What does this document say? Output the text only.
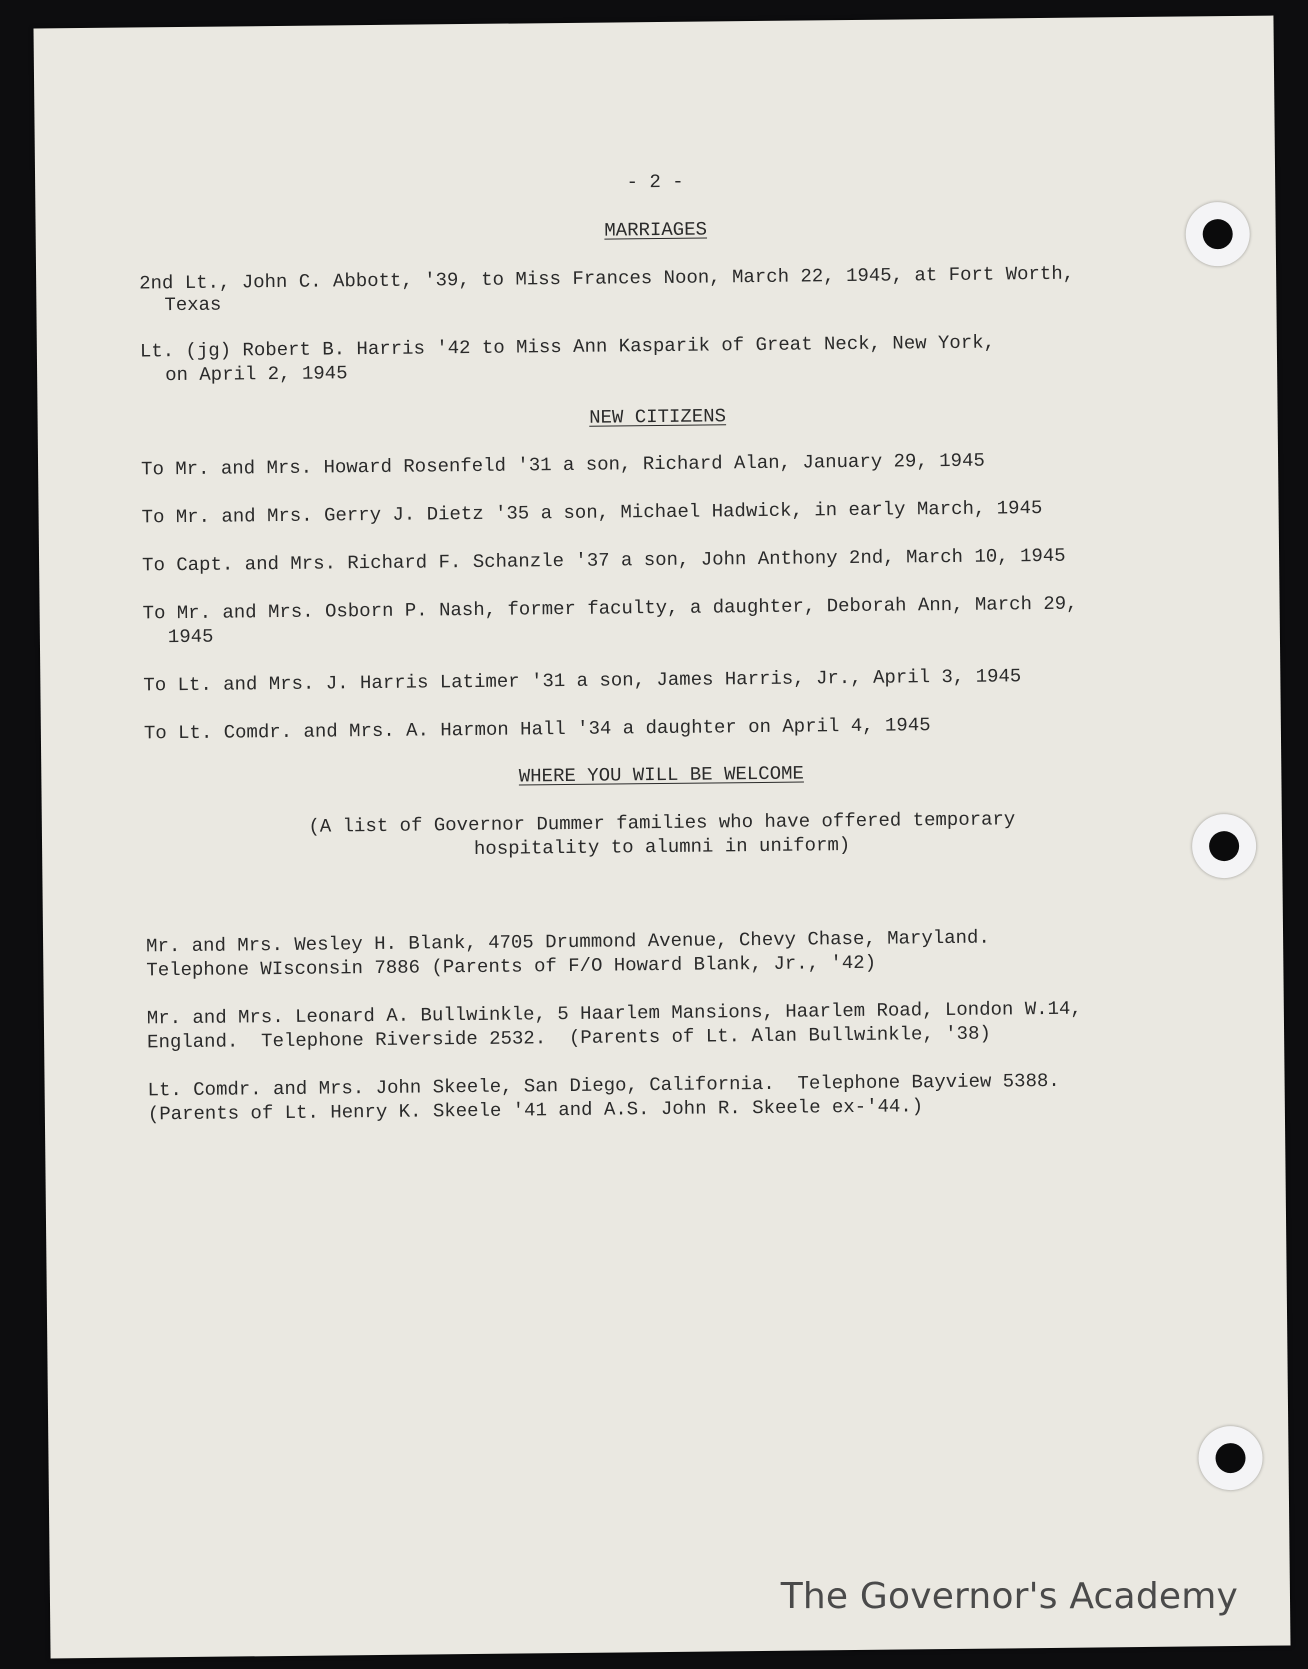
- 2 -
MARRIAGES
2nd Lt., John C. Abbott, '39, to Miss Frances Noon, March 22, 1945, at Fort Worth,
Texas
Lt. (jg) Robert B. Harris '42 to Miss Ann Kasparik of Great Neck, New York,
on April 2, 1945
NEW CITIZENS
To Mr. and Mrs. Howard Rosenfeld '31 a son, Richard Alan, January 29, 1945
To Mr. and Mrs. Gerry J. Dietz '35 a son, Michael Hadwick, in early March, 1945
To Capt. and Mrs. Richard F. Schanzle '37 a son, John Anthony 2nd, March 10, 1945
To Mr. and Mrs. Osborn P. Nash, former faculty, a daughter, Deborah Ann, March 29,
1945
To Lt. and Mrs. J. Harris Latimer '31 a son, James Harris, Jr., April 3, 1945
To Lt. Comdr. and Mrs. A. Harmon Hall '34 a daughter on April 4, 1945
WHERE YOU WILL BE WELCOME
(A list of Governor Dummer families who have offered temporary
hospitality to alumni in uniform)
Mr. and Mrs. Wesley H. Blank, 4705 Drummond Avenue, Chevy Chase, Maryland.
Telephone WIsconsin 7886 (Parents of F/O Howard Blank, Jr., '42)
Mr. and Mrs. Leonard A. Bullwinkle, 5 Haarlem Mansions, Haarlem Road, London W.14,
England.  Telephone Riverside 2532.  (Parents of Lt. Alan Bullwinkle, '38)
Lt. Comdr. and Mrs. John Skeele, San Diego, California.  Telephone Bayview 5388.
(Parents of Lt. Henry K. Skeele '41 and A.S. John R. Skeele ex-'44.)
The Governor's Academy
